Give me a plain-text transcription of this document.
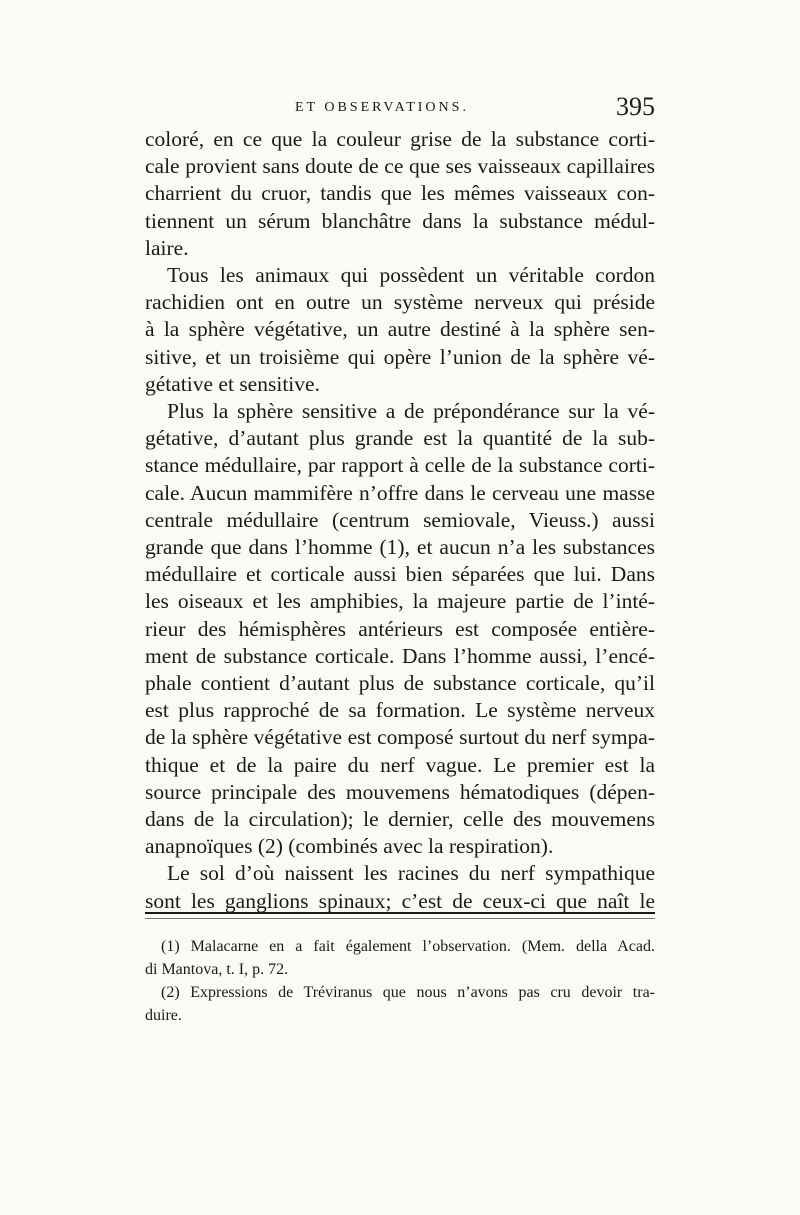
ET OBSERVATIONS.	395
coloré, en ce que la couleur grise de la substance corti-
cale provient sans doute de ce que ses vaisseaux capillaires
charrient du cruor, tandis que les mêmes vaisseaux con-
tiennent un sérum blanchâtre dans la substance médul-
laire.
Tous les animaux qui possèdent un véritable cordon
rachidien ont en outre un système nerveux qui préside
à la sphère végétative, un autre destiné à la sphère sen-
sitive, et un troisième qui opère l’union de la sphère vé-
gétative et sensitive.
Plus la sphère sensitive a de prépondérance sur la vé-
gétative, d’autant plus grande est la quantité de la sub-
stance médullaire, par rapport à celle de la substance corti-
cale. Aucun mammifère n’offre dans le cerveau une masse
centrale médullaire (centrum semiovale, Vieuss.) aussi
grande que dans l’homme (1), et aucun n’a les substances
médullaire et corticale aussi bien séparées que lui. Dans
les oiseaux et les amphibies, la majeure partie de l’inté-
rieur des hémisphères antérieurs est composée entière-
ment de substance corticale. Dans l’homme aussi, l’encé-
phale contient d’autant plus de substance corticale, qu’il
est plus rapproché de sa formation. Le système nerveux
de la sphère végétative est composé surtout du nerf sympa-
thique et de la paire du nerf vague. Le premier est la
source principale des mouvemens hématodiques (dépen-
dans de la circulation); le dernier, celle des mouvemens
anapnoïques (2) (combinés avec la respiration).
Le sol d’où naissent les racines du nerf sympathique
sont les ganglions spinaux; c’est de ceux-ci que naît le
(1) Malacarne en a fait également l’observation. (Mem. della Acad.
di Mantova, t. I, p. 72.
(2) Expressions de Tréviranus que nous n’avons pas cru devoir tra-
duire.
